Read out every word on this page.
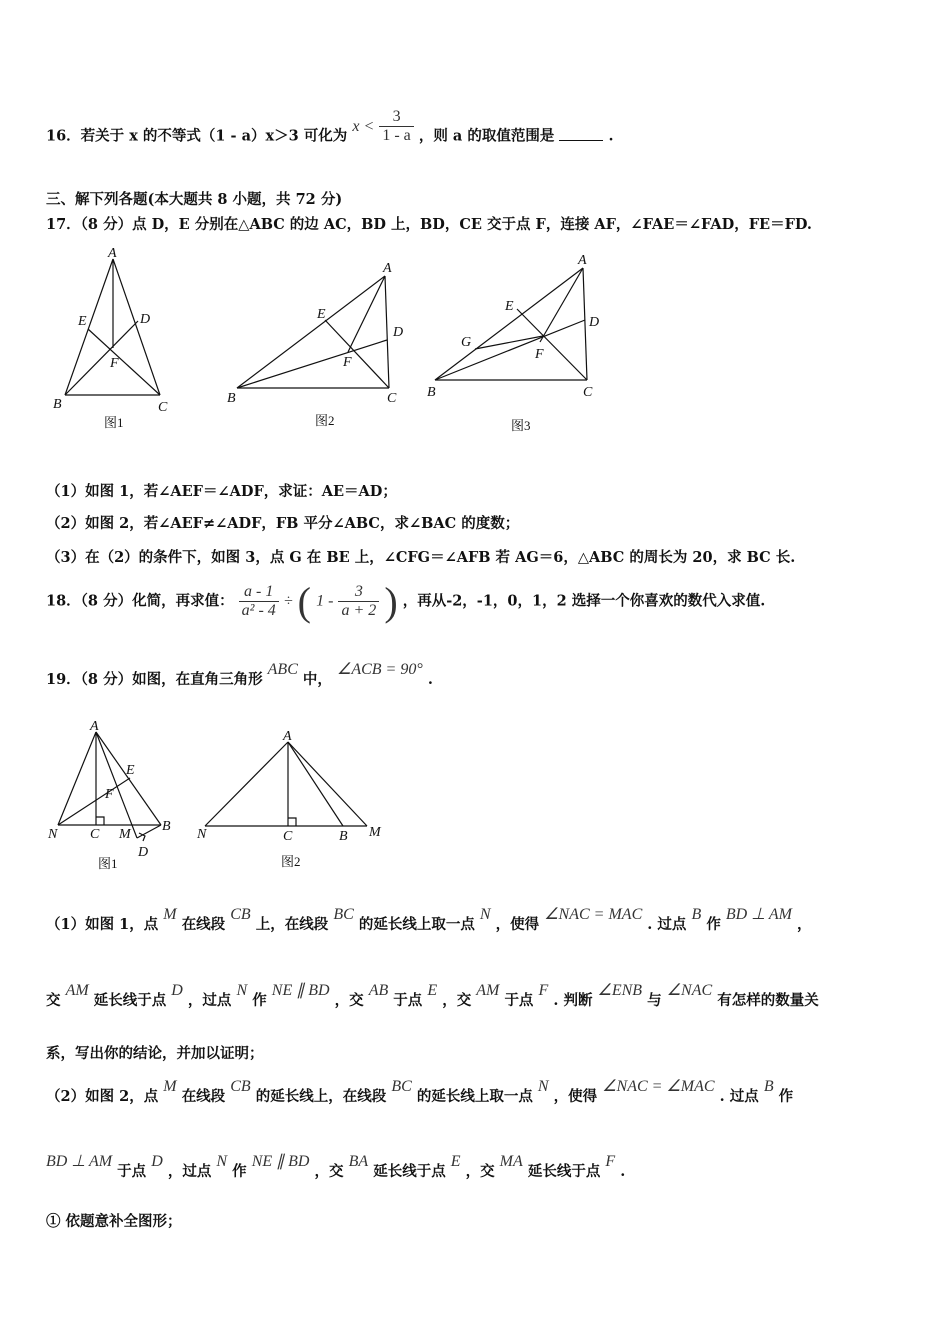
16．若关于 x 的不等式（1 - a）x＞3 可化为 $x < \frac{3}{1 - a}$ ，则 a 的取值范围是	.
三、解下列各题(本大题共 8 小题，共 72 分)
17．（8 分）点 D，E 分别在△ABC 的边 AC，BD 上，BD，CE 交于点 F，连接 AF，∠FAE＝∠FAD，FE＝FD.
A
B	C
D
E
F
图1
A
B	C
D
E
F
图2
A
B	C
D
E
F
G
图3
（1）如图 1，若∠AEF＝∠ADF，求证：AE＝AD；
（2）如图 2，若∠AEF≠∠ADF，FB 平分∠ABC，求∠BAC 的度数；
（3）在（2）的条件下，如图 3，点 G 在 BE 上，∠CFG＝∠AFB 若 AG＝6，△ABC 的周长为 20，求 BC 长.
18．（8 分）化简，再求值： $\frac{a - 1}{\text{a² - 4}}$ ÷ ( $1 - \frac{3}{a + 2}$ ) ，再从-2，-1，0，1，2 选择一个你喜欢的数代入求值.
19．（8 分）如图，在直角三角形 ABC 中， ∠ACB = 90° .
A
N C M
B
D
E
F
图1
A
N	C	B M
图2
（1）如图 1，点 M 在线段 CB 上，在线段 BC 的延长线上取一点 N ，使得 ∠NAC = MAC . 过点 B 作 BD ⊥ AM ，
交 AM 延长线于点 D ，过点 N 作 NE ∥ BD ，交 AB 于点 E ，交 AM 于点 F . 判断 ∠ENB 与 ∠NAC 有怎样的数量关
系，写出你的结论，并加以证明；
（2）如图 2，点 M 在线段 CB 的延长线上，在线段 BC 的延长线上取一点 N ，使得 ∠NAC = ∠MAC . 过点 B 作
BD ⊥ AM 于点 D ，过点 N 作 NE ∥ BD ，交 BA 延长线于点 E ，交 MA 延长线于点 F .
① 依题意补全图形；
